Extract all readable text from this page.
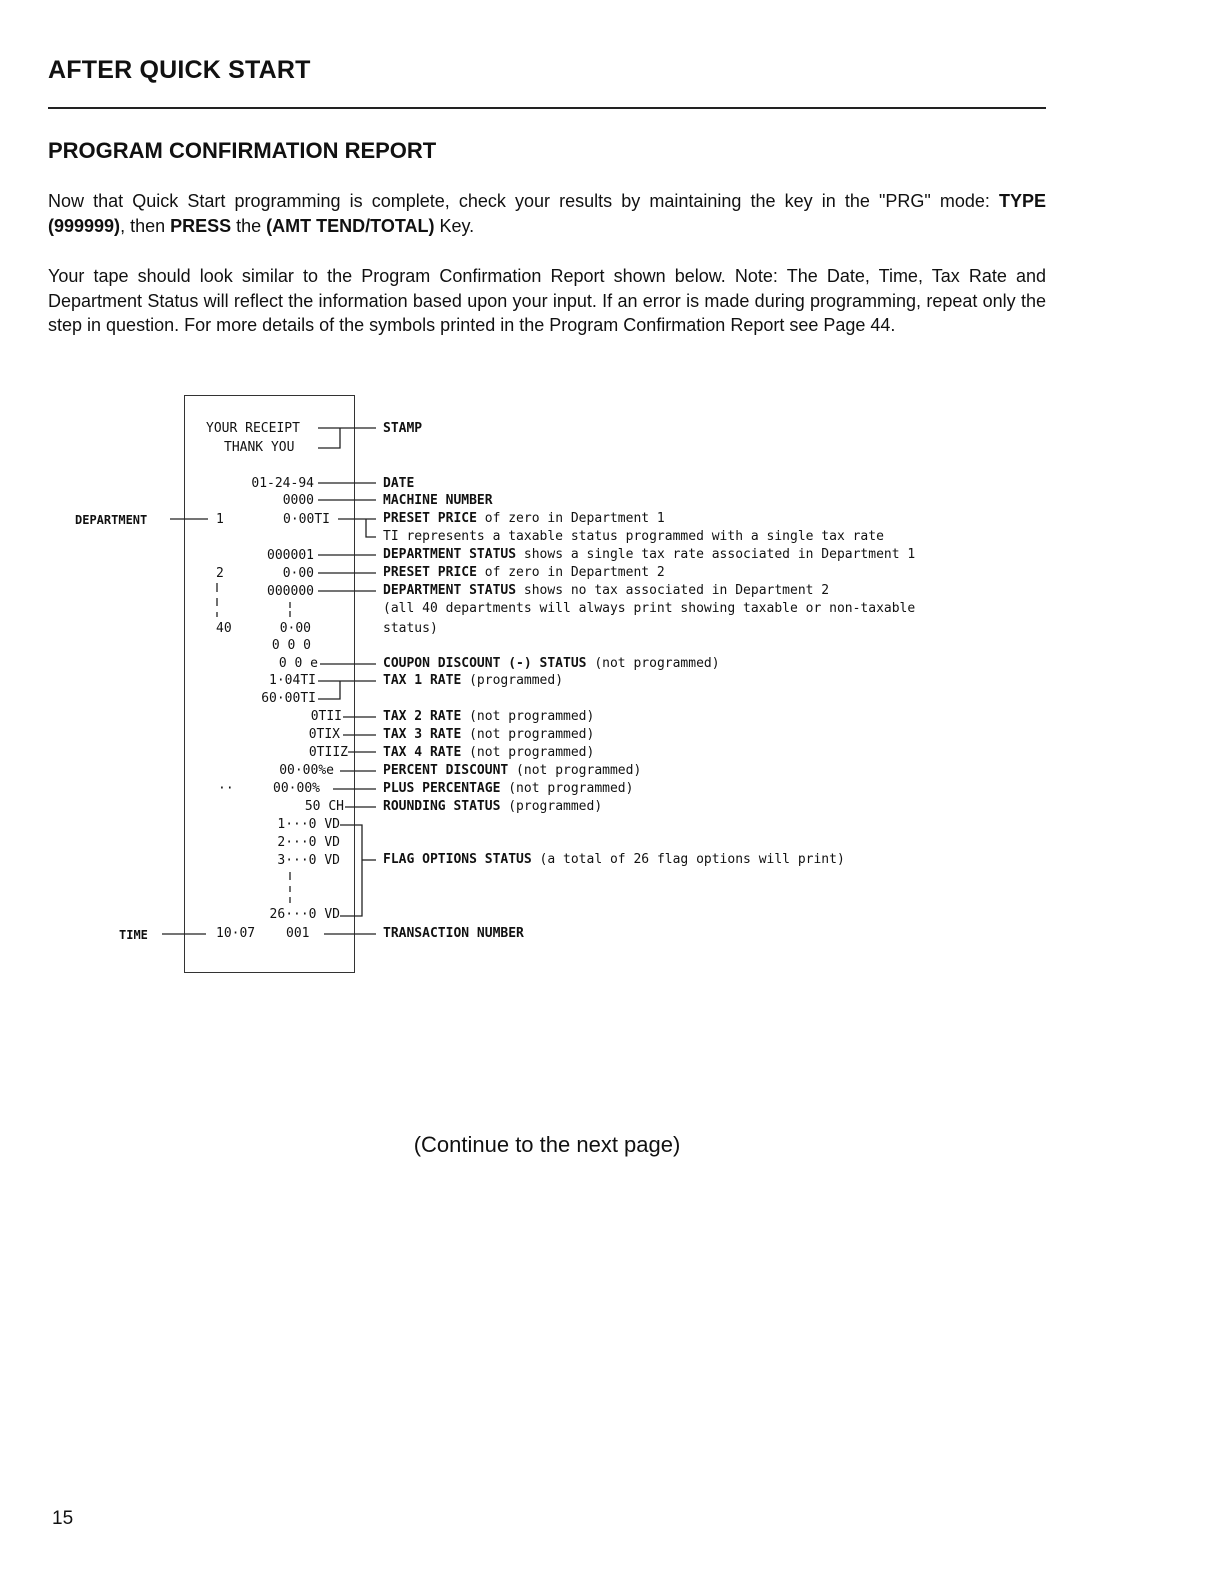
AFTER QUICK START
PROGRAM CONFIRMATION REPORT
Now that Quick Start programming is complete, check your results by maintaining the key in the "PRG" mode: TYPE (999999), then PRESS the (AMT TEND/TOTAL) Key.
Your tape should look similar to the Program Confirmation Report shown below. Note: The Date, Time, Tax Rate and Department Status will reflect the information based upon your input. If an error is made during programming, repeat only the step in question. For more details of the symbols printed in the Program Confirmation Report see Page 44.
YOUR RECEIPT
THANK YOU
01-24-94
0000
1	0·00TI
000001
2	0·00
000000
40	0·00
0 0 0
0 0 e
1·04TI
60·00TI
0TII
0TIX
0TIIZ
00·00%e
··	00·00%
50 CH
1···0 VD
2···0 VD
3···0 VD
26···0 VD
10·07 001
DEPARTMENT
TIME
STAMP
DATE
MACHINE NUMBER
PRESET PRICE of zero in Department 1
TI represents a taxable status programmed with a single tax rate
DEPARTMENT STATUS shows a single tax rate associated in Department 1
PRESET PRICE of zero in Department 2
DEPARTMENT STATUS shows no tax associated in Department 2
(all 40 departments will always print showing taxable or non-taxable
status)
COUPON DISCOUNT (-) STATUS (not programmed)
TAX 1 RATE (programmed)
TAX 2 RATE (not programmed)
TAX 3 RATE (not programmed)
TAX 4 RATE (not programmed)
PERCENT DISCOUNT (not programmed)
PLUS PERCENTAGE (not programmed)
ROUNDING STATUS (programmed)
FLAG OPTIONS STATUS (a total of 26 flag options will print)
TRANSACTION NUMBER
(Continue to the next page)
15
